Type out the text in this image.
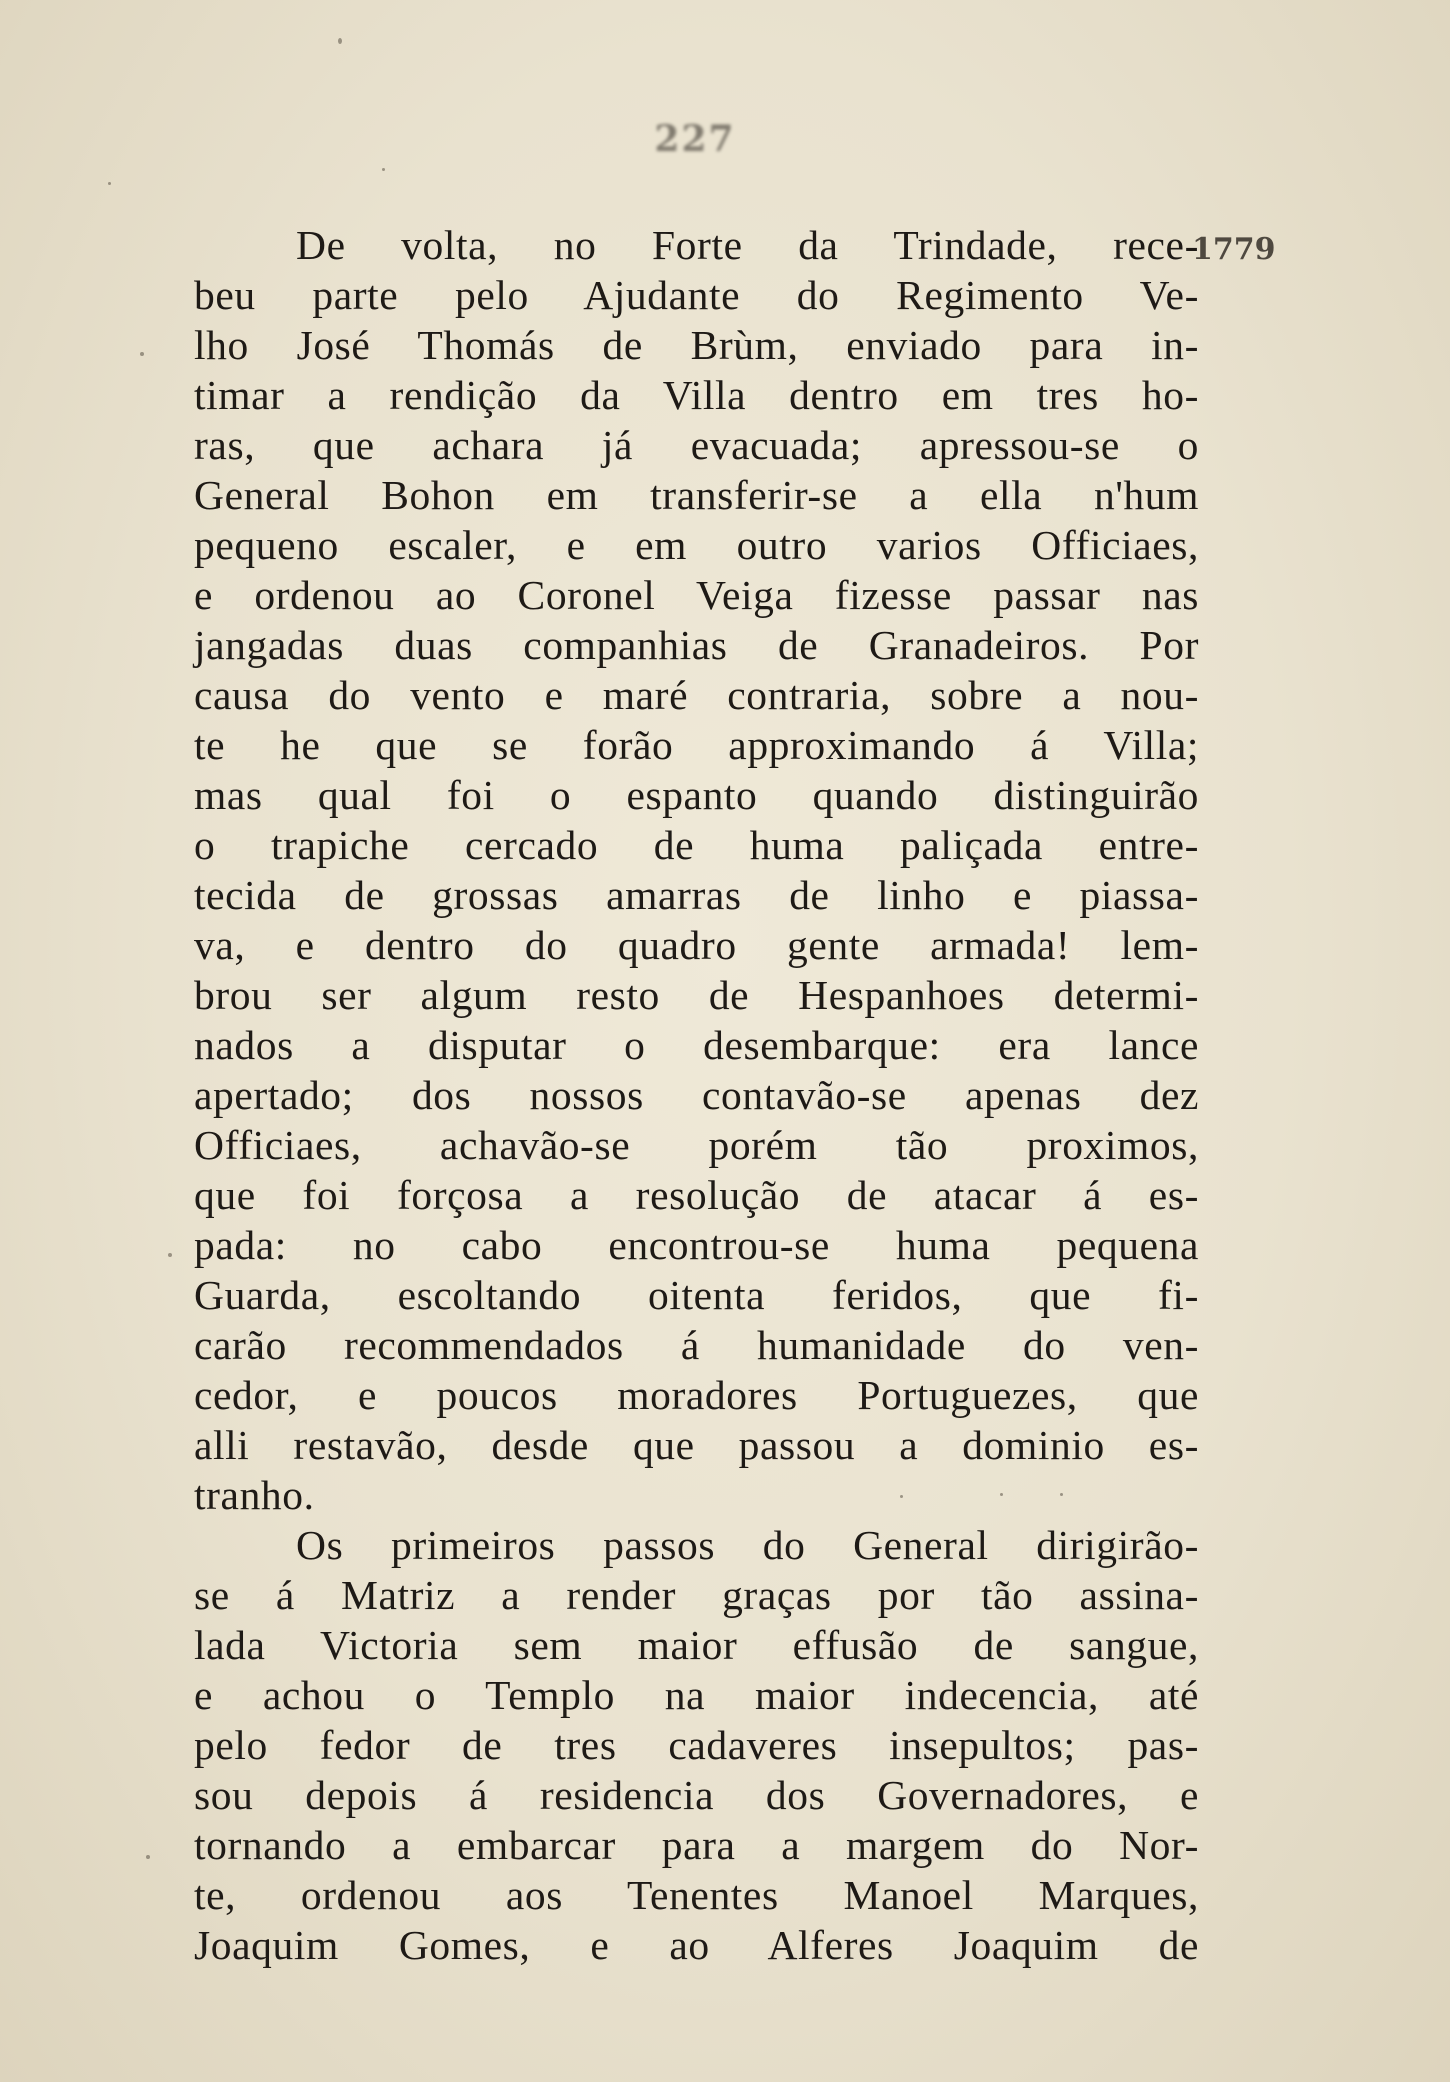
227
1779
De volta, no Forte da Trindade, rece-
beu parte pelo Ajudante do Regimento Ve-
lho José Thomás de Brùm, enviado para in-
timar a rendição da Villa dentro em tres ho-
ras, que achara já evacuada; apressou-se o
General Bohon em transferir-se a ella n'hum
pequeno escaler, e em outro varios Officiaes,
e ordenou ao Coronel Veiga fizesse passar nas
jangadas duas companhias de Granadeiros. Por
causa do vento e maré contraria, sobre a nou-
te he que se forão approximando á Villa;
mas qual foi o espanto quando distinguirão
o trapiche cercado de huma paliçada entre-
tecida de grossas amarras de linho e piassa-
va, e dentro do quadro gente armada! lem-
brou ser algum resto de Hespanhoes determi-
nados a disputar o desembarque: era lance
apertado; dos nossos contavão-se apenas dez
Officiaes, achavão-se porém tão proximos,
que foi forçosa a resolução de atacar á es-
pada: no cabo encontrou-se huma pequena
Guarda, escoltando oitenta feridos, que fi-
carão recommendados á humanidade do ven-
cedor, e poucos moradores Portuguezes, que
alli restavão, desde que passou a dominio es-
tranho.
Os primeiros passos do General dirigirão-
se á Matriz a render graças por tão assina-
lada Victoria sem maior effusão de sangue,
e achou o Templo na maior indecencia, até
pelo fedor de tres cadaveres insepultos; pas-
sou depois á residencia dos Governadores, e
tornando a embarcar para a margem do Nor-
te, ordenou aos Tenentes Manoel Marques,
Joaquim Gomes, e ao Alferes Joaquim de
